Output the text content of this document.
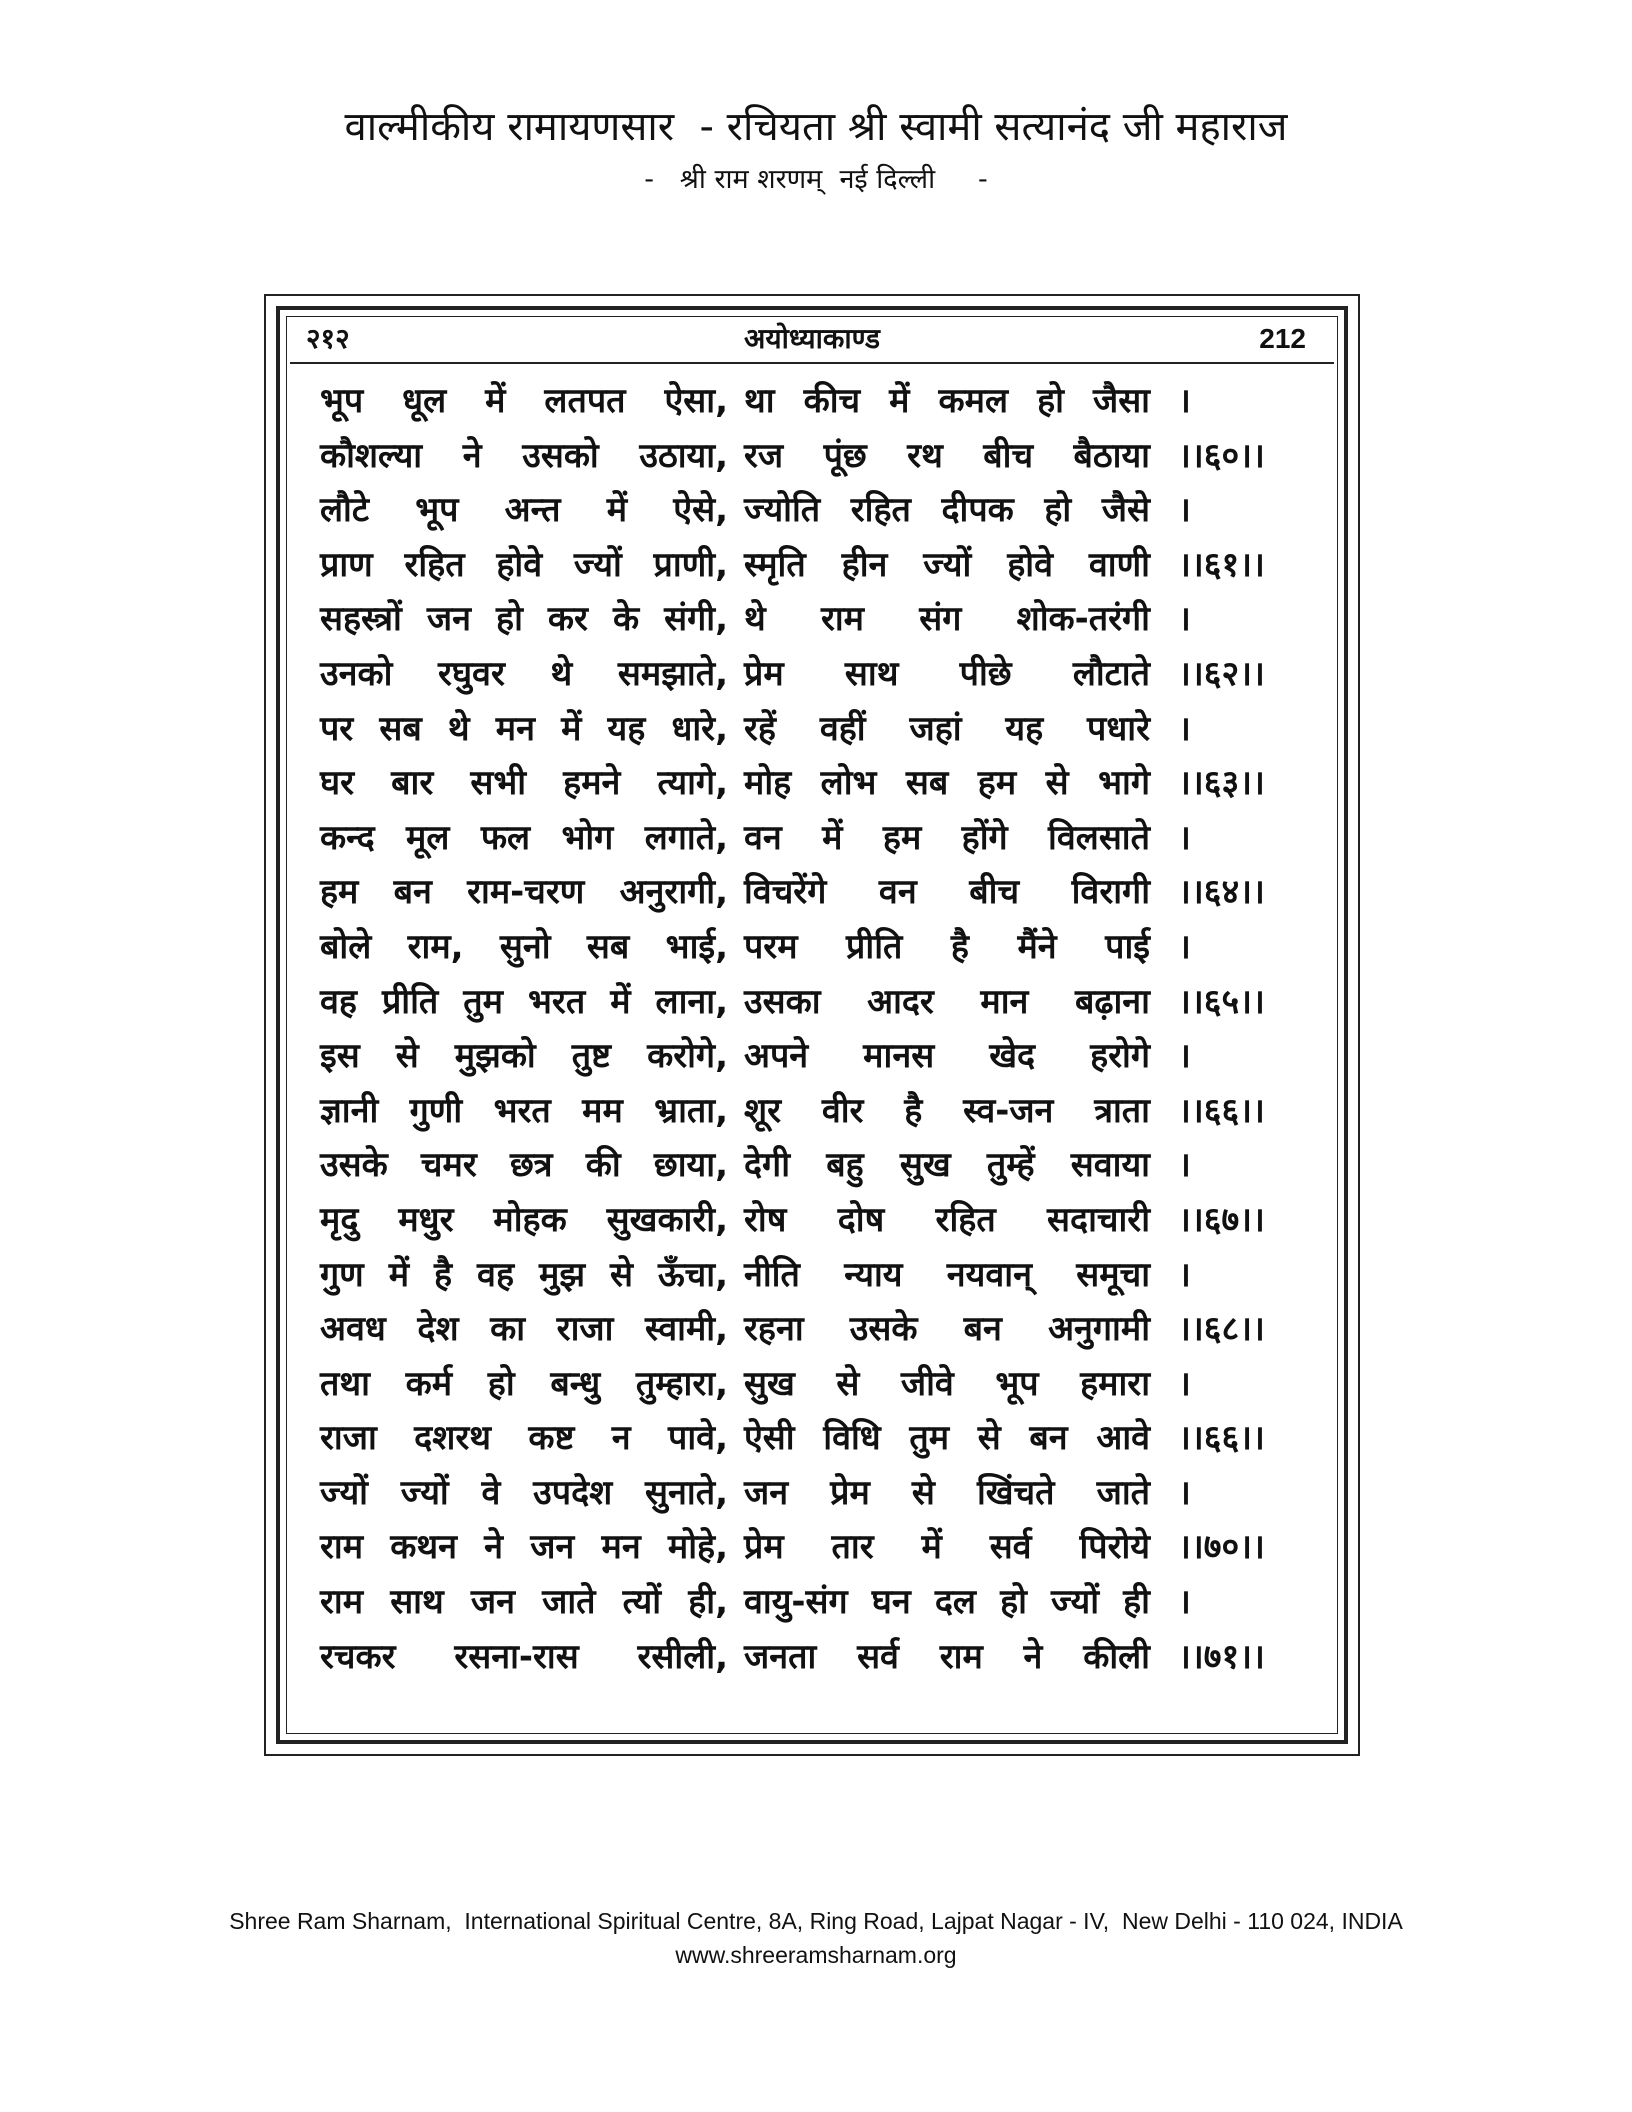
वाल्मीकीय रामायणसार  - रचियता श्री स्वामी सत्यानंद जी महाराज
-   श्री राम शरणम्  नई दिल्ली     -
२१२	अयोध्याकाण्ड	212
भूप धूल में लतपत ऐसा, था कीच में कमल हो जैसा ।
कौशल्या ने उसको उठाया, रज पूंछ रथ बीच बैठाया ।।६०।।
लौटे भूप अन्त में ऐसे, ज्योति रहित दीपक हो जैसे ।
प्राण रहित होवे ज्यों प्राणी, स्मृति हीन ज्यों होवे वाणी ।।६१।।
सहस्त्रों जन हो कर के संगी, थे राम संग शोक-तरंगी ।
उनको रघुवर थे समझाते, प्रेम साथ पीछे लौटाते ।।६२।।
पर सब थे मन में यह धारे, रहें वहीं जहां यह पधारे ।
घर बार सभी हमने त्यागे, मोह लोभ सब हम से भागे ।।६३।।
कन्द मूल फल भोग लगाते, वन में हम होंगे विलसाते ।
हम बन राम-चरण अनुरागी, विचरेंगे वन बीच विरागी ।।६४।।
बोले राम, सुनो सब भाई, परम प्रीति है मैंने पाई ।
वह प्रीति तुम भरत में लाना, उसका आदर मान बढ़ाना ।।६५।।
इस से मुझको तुष्ट करोगे, अपने मानस खेद हरोगे ।
ज्ञानी गुणी भरत मम भ्राता, शूर वीर है स्व-जन त्राता ।।६६।।
उसके चमर छत्र की छाया, देगी बहु सुख तुम्हें सवाया ।
मृदु मधुर मोहक सुखकारी, रोष दोष रहित सदाचारी ।।६७।।
गुण में है वह मुझ से ऊँचा, नीति न्याय नयवान् समूचा ।
अवध देश का राजा स्वामी, रहना उसके बन अनुगामी ।।६८।।
तथा कर्म हो बन्धु तुम्हारा, सुख से जीवे भूप हमारा ।
राजा दशरथ कष्ट न पावे, ऐसी विधि तुम से बन आवे ।।६६।।
ज्यों ज्यों वे उपदेश सुनाते, जन प्रेम से खिंचते जाते ।
राम कथन ने जन मन मोहे, प्रेम तार में सर्व पिरोये ।।७०।।
राम साथ जन जाते त्यों ही, वायु-संग घन दल हो ज्यों ही ।
रचकर रसना-रास रसीली, जनता सर्व राम ने कीली ।।७१।।
Shree Ram Sharnam,  International Spiritual Centre, 8A, Ring Road, Lajpat Nagar - IV,  New Delhi - 110 024, INDIA
www.shreeramsharnam.org
